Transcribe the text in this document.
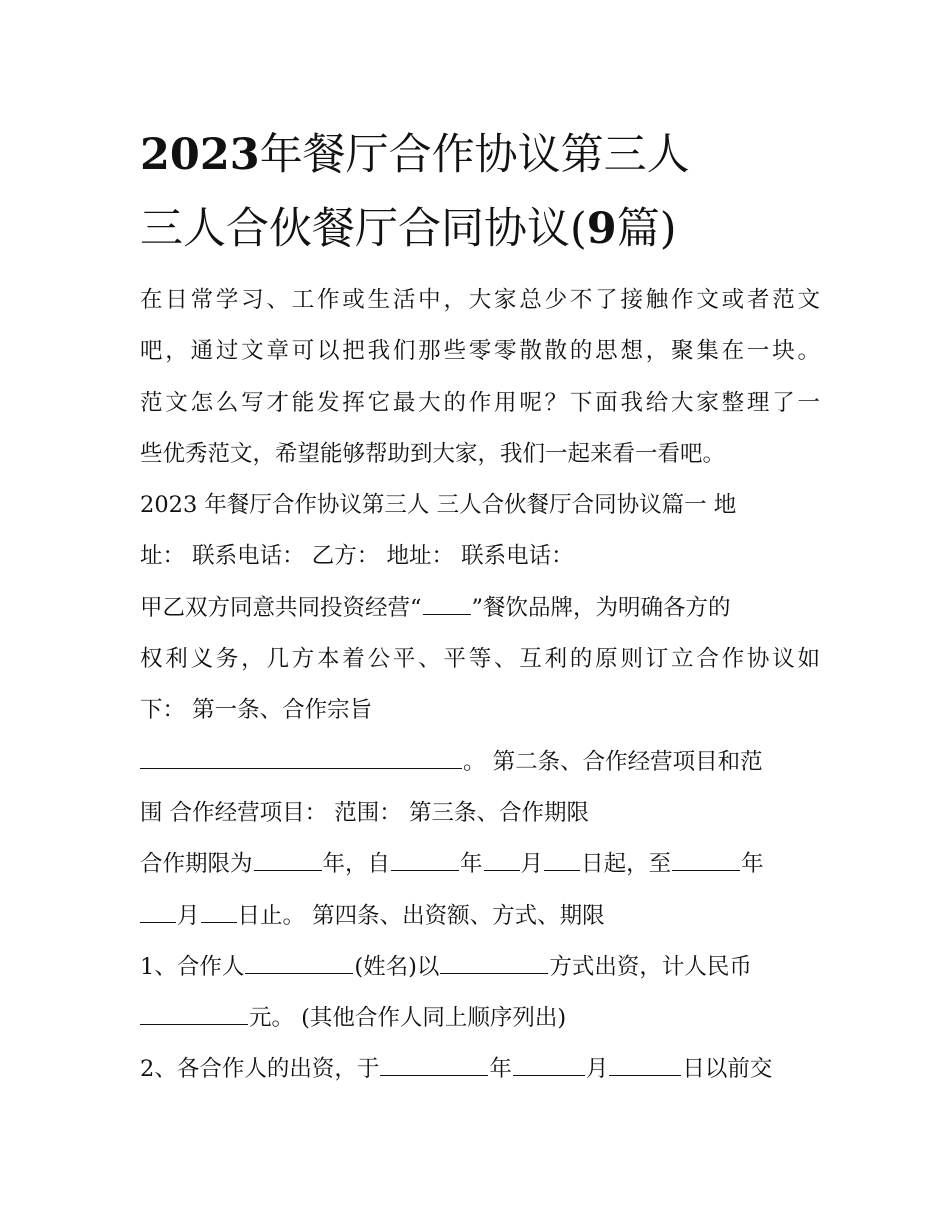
2023年餐厅合作协议第三人
三人合伙餐厅合同协议(9篇)
在日常学习、工作或生活中，大家总少不了接触作文或者范文
吧，通过文章可以把我们那些零零散散的思想，聚集在一块。
范文怎么写才能发挥它最大的作用呢？下面我给大家整理了一
些优秀范文，希望能够帮助到大家，我们一起来看一看吧。
2023 年餐厅合作协议第三人 三人合伙餐厅合同协议篇一 地
址： 联系电话： 乙方： 地址： 联系电话：
甲乙双方同意共同投资经营“ ”餐饮品牌，为明确各方的
权利义务，几方本着公平、平等、互利的原则订立合作协议如
下： 第一条、合作宗旨
。 第二条、合作经营项目和范
围 合作经营项目： 范围： 第三条、合作期限
合作期限为	年，自	年 月 日起，至	年
月 日止。 第四条、出资额、方式、期限
1、合作人	(姓名)以	方式出资，计人民币
元。 (其他合作人同上顺序列出)
2、各合作人的出资，于	年	月	日以前交
